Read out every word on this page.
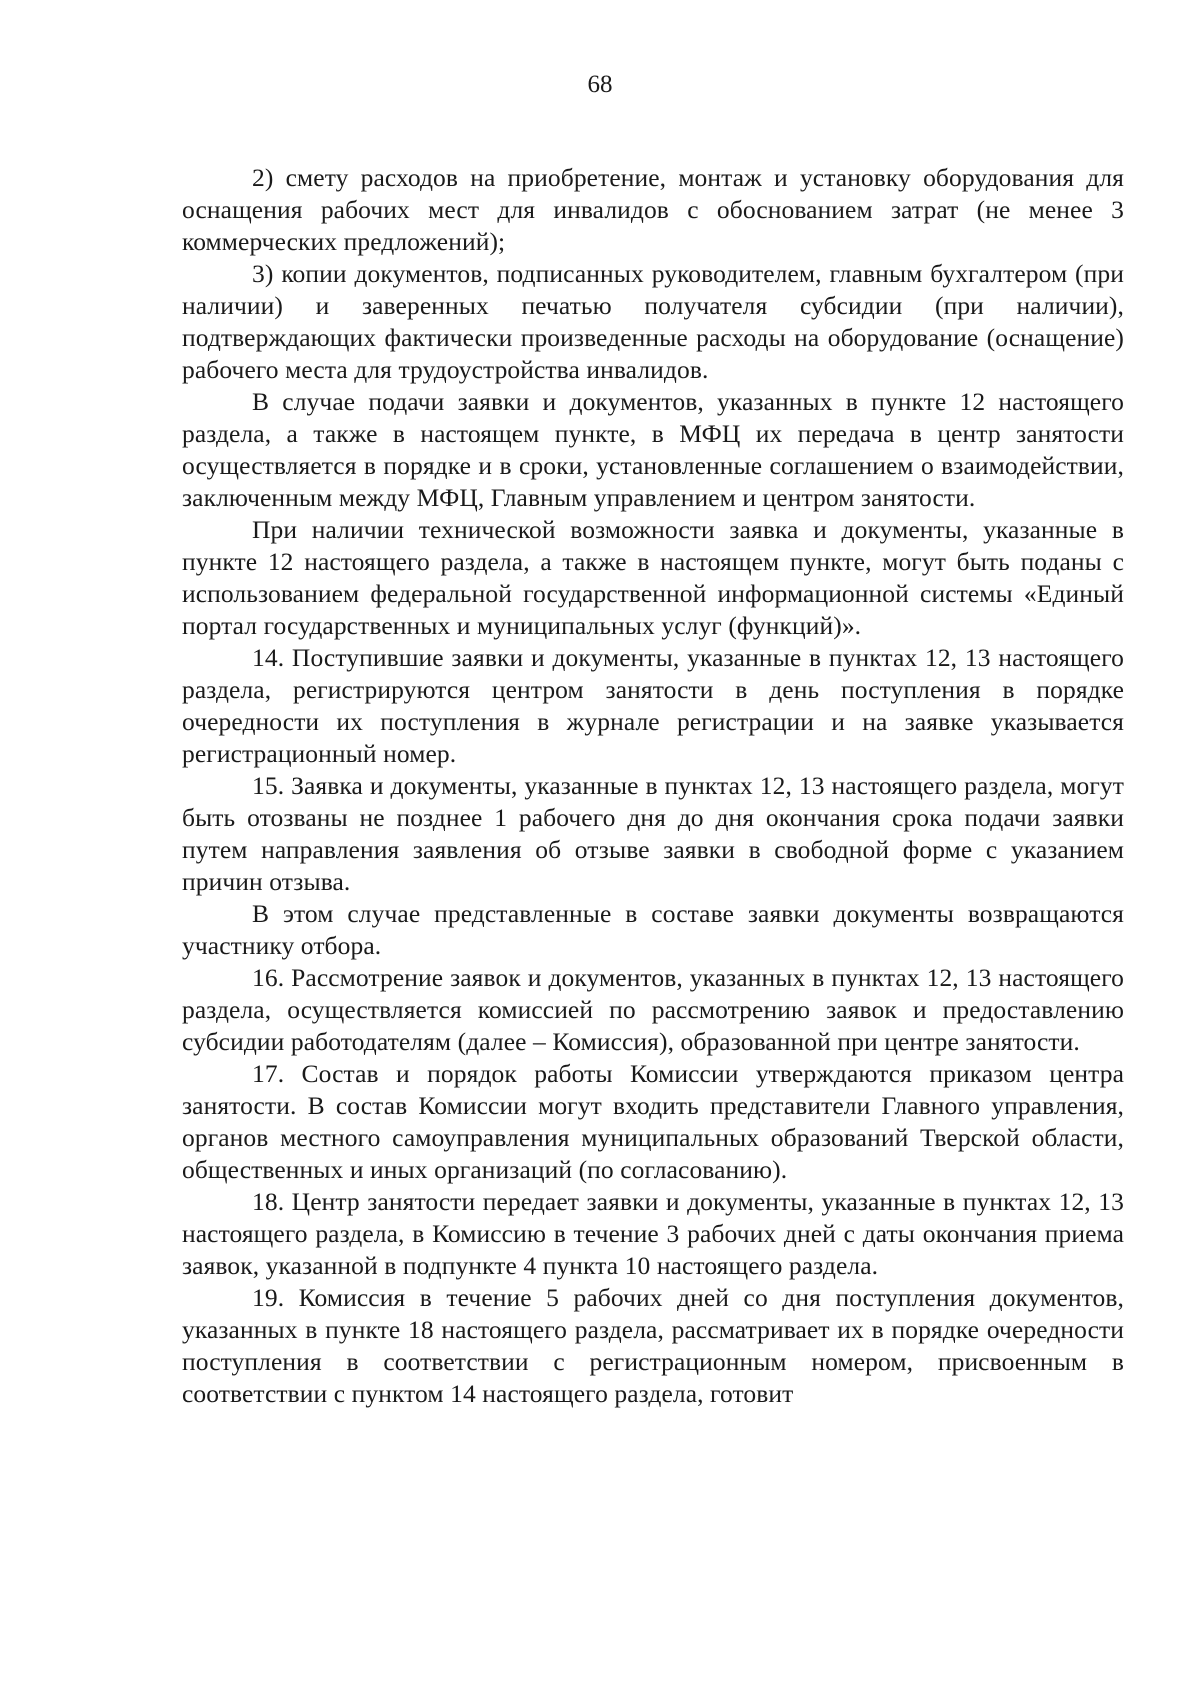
68

2) смету расходов на приобретение, монтаж и установку оборудования для оснащения рабочих мест для инвалидов с обоснованием затрат (не менее 3 коммерческих предложений);

3) копии документов, подписанных руководителем, главным бухгалтером (при наличии) и заверенных печатью получателя субсидии (при наличии), подтверждающих фактически произведенные расходы на оборудование (оснащение) рабочего места для трудоустройства инвалидов.

В случае подачи заявки и документов, указанных в пункте 12 настоящего раздела, а также в настоящем пункте, в МФЦ их передача в центр занятости осуществляется в порядке и в сроки, установленные соглашением о взаимодействии, заключенным между МФЦ, Главным управлением и центром занятости.

При наличии технической возможности заявка и документы, указанные в пункте 12 настоящего раздела, а также в настоящем пункте, могут быть поданы с использованием федеральной государственной информационной системы «Единый портал государственных и муниципальных услуг (функций)».

14. Поступившие заявки и документы, указанные в пунктах 12, 13 настоящего раздела, регистрируются центром занятости в день поступления в порядке очередности их поступления в журнале регистрации и на заявке указывается регистрационный номер.

15. Заявка и документы, указанные в пунктах 12, 13 настоящего раздела, могут быть отозваны не позднее 1 рабочего дня до дня окончания срока подачи заявки путем направления заявления об отзыве заявки в свободной форме с указанием причин отзыва.

В этом случае представленные в составе заявки документы возвращаются участнику отбора.

16. Рассмотрение заявок и документов, указанных в пунктах 12, 13 настоящего раздела, осуществляется комиссией по рассмотрению заявок и предоставлению субсидии работодателям (далее – Комиссия), образованной при центре занятости.

17. Состав и порядок работы Комиссии утверждаются приказом центра занятости. В состав Комиссии могут входить представители Главного управления, органов местного самоуправления муниципальных образований Тверской области, общественных и иных организаций (по согласованию).

18. Центр занятости передает заявки и документы, указанные в пунктах 12, 13 настоящего раздела, в Комиссию в течение 3 рабочих дней с даты окончания приема заявок, указанной в подпункте 4 пункта 10 настоящего раздела.

19. Комиссия в течение 5 рабочих дней со дня поступления документов, указанных в пункте 18 настоящего раздела, рассматривает их в порядке очередности поступления в соответствии с регистрационным номером, присвоенным в соответствии с пунктом 14 настоящего раздела, готовит
